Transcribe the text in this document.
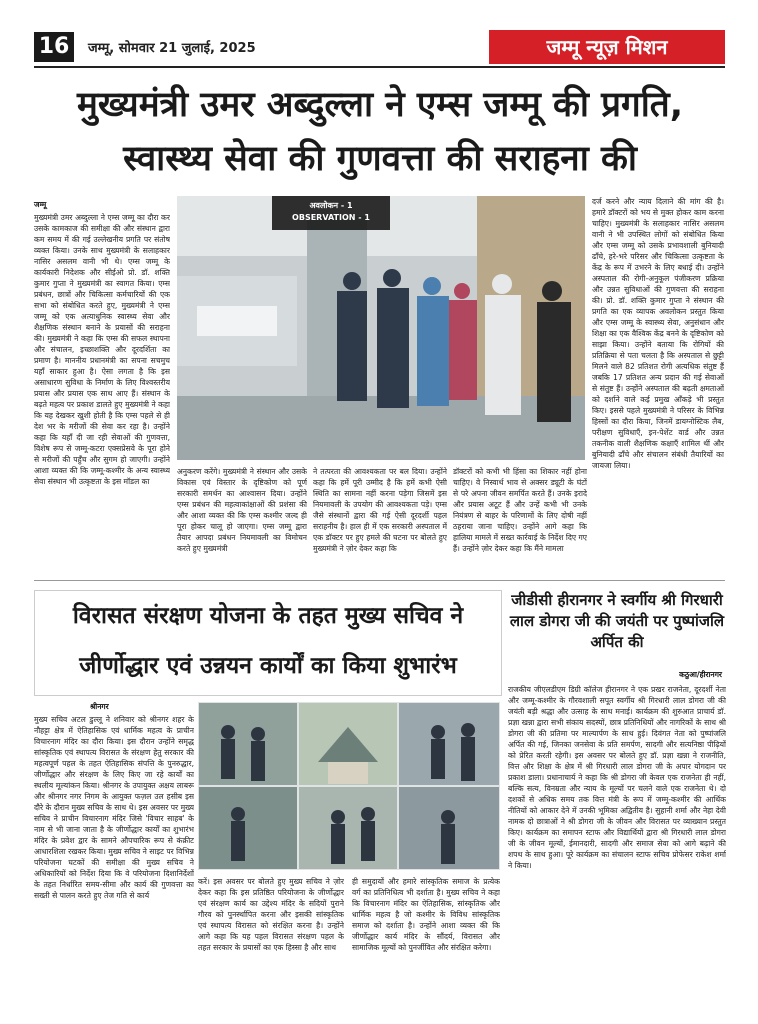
16	जम्मू, सोमवार 21 जुलाई, 2025	जम्मू न्यूज़ मिशन
मुख्यमंत्री उमर अब्दुल्ला ने एम्स जम्मू की प्रगति,
स्वास्थ्य सेवा की गुणवत्ता की सराहना की
जम्मू
मुख्यमंत्री उमर अब्दुल्ला ने एम्स जम्मू का दौरा कर उसके कामकाज की समीक्षा की और संस्थान द्वारा कम समय में की गई उल्लेखनीय प्रगति पर संतोष व्यक्त किया। उनके साथ मुख्यमंत्री के सलाहकार नासिर असलम वानी भी थे। एम्स जम्मू के कार्यकारी निदेशक और सीईओ प्रो. डॉ. शक्ति कुमार गुप्ता ने मुख्यमंत्री का स्वागत किया। एम्स प्रबंधन, छात्रों और चिकित्सा कर्मचारियों की एक सभा को संबोधित करते हुए, मुख्यमंत्री ने एम्स जम्मू को एक अत्याधुनिक स्वास्थ्य सेवा और शैक्षणिक संस्थान बनाने के प्रयासों की सराहना की। मुख्यमंत्री ने कहा कि एम्स की सफल स्थापना और संचालन, इच्छाशक्ति और दूरदर्शिता का प्रमाण है। माननीय प्रधानमंत्री का सपना सचमुच यहाँ साकार हुआ है। ऐसा लगता है कि इस असाधारण सुविधा के निर्माण के लिए विश्वस्तरीय प्रयास और प्रयास एक साथ आए हैं। संस्थान के बढ़ते महत्व पर प्रकाश डालते हुए मुख्यमंत्री ने कहा कि यह देखकर खुशी होती है कि एम्स पहले से ही देश भर के मरीजों की सेवा कर रहा है। उन्होंने कहा कि यहाँ दी जा रही सेवाओं की गुणवत्ता, विशेष रूप से जम्मू-कटरा एक्सप्रेसवे के पूरा होने से मरीजों की पहुँच और सुगम हो जाएगी। उन्होंने आशा व्यक्त की कि जम्मू-कश्मीर के अन्य स्वास्थ्य सेवा संस्थान भी उत्कृष्टता के इस मॉडल का
अवलोकन - 1
OBSERVATION - 1
अनुकरण करेंगे। मुख्यमंत्री ने संस्थान और उसके विकास एवं विस्तार के दृष्टिकोण को पूर्ण सरकारी समर्थन का आश्वासन दिया। उन्होंने एम्स प्रबंधन की महत्वाकांक्षाओं की प्रशंसा की और आशा व्यक्त की कि एम्स कश्मीर जल्द ही पूरा होकर चालू हो जाएगा। एम्स जम्मू द्वारा तैयार आपदा प्रबंधन नियमावली का विमोचन करते हुए मुख्यमंत्री
ने तत्परता की आवश्यकता पर बल दिया। उन्होंने कहा कि हमें पूरी उम्मीद है कि हमें कभी ऐसी स्थिति का सामना नहीं करना पड़ेगा जिसमें इस नियमावली के उपयोग की आवश्यकता पड़े। एम्स जैसे संस्थानों द्वारा की गई ऐसी दूरदर्शी पहल सराहनीय है। हाल ही में एक सरकारी अस्पताल में एक डॉक्टर पर हुए हमले की घटना पर बोलते हुए मुख्यमंत्री ने ज़ोर देकर कहा कि
डॉक्टरों को कभी भी हिंसा का शिकार नहीं होना चाहिए। वे निस्वार्थ भाव से अक्सर ड्यूटी के घंटों से परे अपना जीवन समर्पित करते हैं। उनके इरादे और प्रयास अटूट हैं और उन्हें कभी भी उनके नियंत्रण से बाहर के परिणामों के लिए दोषी नहीं ठहराया जाना चाहिए। उन्होंने आगे कहा कि हालिया मामले में सख्त कार्रवाई के निर्देश दिए गए हैं। उन्होंने ज़ोर देकर कहा कि मैंने मामला
दर्ज करने और न्याय दिलाने की मांग की है। हमारे डॉक्टरों को भय से मुक्त होकर काम करना चाहिए। मुख्यमंत्री के सलाहकार नासिर असलम वानी ने भी उपस्थित लोगों को संबोधित किया और एम्स जम्मू को उसके प्रभावशाली बुनियादी ढाँचे, हरे-भरे परिसर और चिकित्सा उत्कृष्टता के केंद्र के रूप में उभरने के लिए बधाई दी। उन्होंने अस्पताल की रोगी-अनुकूल पंजीकरण प्रक्रिया और उन्नत सुविधाओं की गुणवत्ता की सराहना की। प्रो. डॉ. शक्ति कुमार गुप्ता ने संस्थान की प्रगति का एक व्यापक अवलोकन प्रस्तुत किया और एम्स जम्मू के स्वास्थ्य सेवा, अनुसंधान और शिक्षा का एक वैश्विक केंद्र बनने के दृष्टिकोण को साझा किया। उन्होंने बताया कि रोगियों की प्रतिक्रिया से पता चलता है कि अस्पताल से छुट्टी मिलने वाले 82 प्रतिशत रोगी अत्यधिक संतुष्ट हैं जबकि 17 प्रतिशत अन्य प्रदान की गई सेवाओं से संतुष्ट हैं। उन्होंने अस्पताल की बढ़ती क्षमताओं को दर्शाने वाले कई प्रमुख आँकड़े भी प्रस्तुत किए। इससे पहले मुख्यमंत्री ने परिसर के विभिन्न हिस्सों का दौरा किया, जिनमें डायग्नोस्टिक लैब, परीक्षण सुविधाएँ, इन-पेशेंट वार्ड और उन्नत तकनीक वाली शैक्षणिक कक्षाएँ शामिल थीं और बुनियादी ढाँचे और संचालन संबंधी तैयारियों का जायजा लिया।
विरासत संरक्षण योजना के तहत मुख्य सचिव ने
जीर्णोद्धार एवं उन्नयन कार्यों का किया शुभारंभ
श्रीनगर
मुख्य सचिव अटल डुल्लू ने शनिवार को श्रीनगर शहर के नौहट्टा क्षेत्र में ऐतिहासिक एवं धार्मिक महत्व के प्राचीन विचारनाग मंदिर का दौरा किया। इस दौरान उन्होंने समृद्ध सांस्कृतिक एवं स्थापत्य विरासत के संरक्षण हेतु सरकार की महत्वपूर्ण पहल के तहत ऐतिहासिक संपत्ति के पुनरुद्धार, जीर्णोद्धार और संरक्षण के लिए किए जा रहे कार्यों का स्थलीय मूल्यांकन किया। श्रीनगर के उपायुक्त अक्षय लाबरू और श्रीनगर नगर निगम के आयुक्त फज़ल उल हसीब इस दौरे के दौरान मुख्य सचिव के साथ थे। इस अवसर पर मुख्य सचिव ने प्राचीन विचारनाग मंदिर जिसे 'विचार साहब' के नाम से भी जाना जाता है के जीर्णोद्धार कार्यों का शुभारंभ मंदिर के प्रवेश द्वार के सामने औपचारिक रूप से कंक्रीट आधारशिला रखकर किया। मुख्य सचिव ने साइट पर विभिन्न परियोजना घटकों की समीक्षा की मुख्य सचिव ने अधिकारियों को निर्देश दिया कि वे परियोजना दिशानिर्देशों के तहत निर्धारित समय-सीमा और कार्य की गुणवत्ता का सख्ती से पालन करते हुए तेज गति से कार्य
करें। इस अवसर पर बोलते हुए मुख्य सचिव ने ज़ोर देकर कहा कि इस प्रतिष्ठित परियोजना के जीर्णोद्धार एवं संरक्षण कार्य का उद्देश्य मंदिर के सदियों पुराने गौरव को पुनर्स्थापित करना और इसकी सांस्कृतिक एवं स्थापत्य विरासत को संरक्षित करना है। उन्होंने आगे कहा कि यह पहल विरासत संरक्षण पहल के तहत सरकार के प्रयासों का एक हिस्सा है और साथ
ही समुदायों और हमारे सांस्कृतिक समाज के प्रत्येक वर्ग का प्रतिनिधित्व भी दर्शाता है। मुख्य सचिव ने कहा कि विचारनाग मंदिर का ऐतिहासिक, सांस्कृतिक और धार्मिक महत्व है जो कश्मीर के विविध सांस्कृतिक समाज को दर्शाता है। उन्होंने आशा व्यक्त की कि जीर्णोद्धार कार्य मंदिर के सौंदर्य, विरासत और सामाजिक मूल्यों को पुनर्जीवित और संरक्षित करेगा।
जीडीसी हीरानगर ने स्वर्गीय श्री गिरधारी लाल डोगरा जी की जयंती पर पुष्पांजलि अर्पित की
कठुआ/हीरानगर
राजकीय जीएलडीएम डिग्री कॉलेज हीरानगर ने एक प्रखर राजनेता, दूरदर्शी नेता और जम्मू-कश्मीर के गौरवशाली सपूत स्वर्गीय श्री गिरधारी लाल डोगरा जी की जयंती बड़ी श्रद्धा और उत्साह के साथ मनाई। कार्यक्रम की शुरुआत प्राचार्य डॉ. प्रज्ञा खन्ना द्वारा सभी संकाय सदस्यों, छात्र प्रतिनिधियों और नागरिकों के साथ श्री डोगरा जी की प्रतिमा पर माल्यार्पण के साथ हुई। दिवंगत नेता को पुष्पांजलि अर्पित की गई, जिनका जनसेवा के प्रति समर्पण, सादगी और सत्यनिष्ठा पीढ़ियों को प्रेरित करती रहेगी। इस अवसर पर बोलते हुए डॉ. प्रज्ञा खन्ना ने राजनीति, वित्त और शिक्षा के क्षेत्र में श्री गिरधारी लाल डोगरा जी के अपार योगदान पर प्रकाश डाला। प्रधानाचार्य ने कहा कि श्री डोगरा जी केवल एक राजनेता ही नहीं, बल्कि सत्य, विनम्रता और न्याय के मूल्यों पर चलने वाले एक राजनेता थे। दो दशकों से अधिक समय तक वित्त मंत्री के रूप में जम्मू-कश्मीर की आर्थिक नीतियों को आकार देने में उनकी भूमिका अद्वितीय है। सुहानी शर्मा और नेहा देवी नामक दो छात्राओं ने श्री डोगरा जी के जीवन और विरासत पर व्याख्यान प्रस्तुत किए। कार्यक्रम का समापन स्टाफ और विद्यार्थियों द्वारा श्री गिरधारी लाल डोगरा जी के जीवन मूल्यों, ईमानदारी, सादगी और समाज सेवा को आगे बढ़ाने की शपथ के साथ हुआ। पूरे कार्यक्रम का संचालन स्टाफ सचिव प्रोफेसर राकेश शर्मा ने किया।
